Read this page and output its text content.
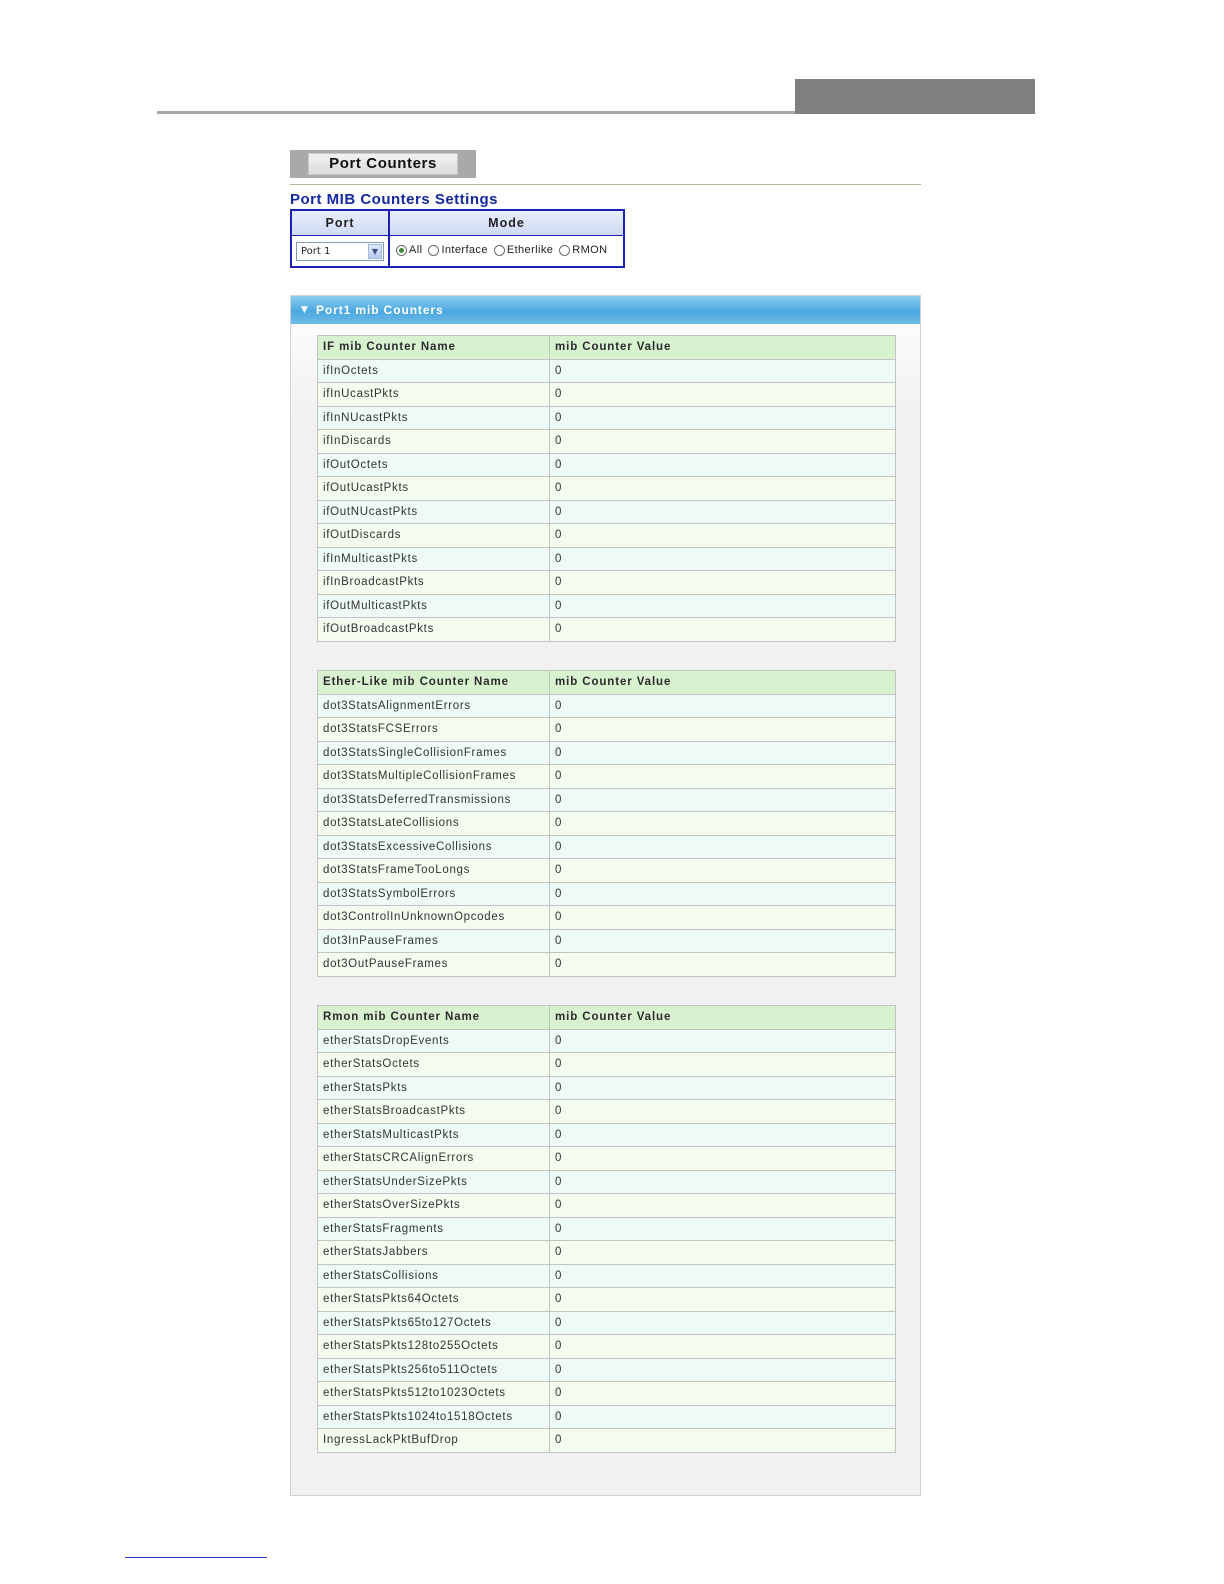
Port Counters
Port MIB Counters Settings
Port	Mode
Port 1	▼	All Interface Etherlike RMON
▼ Port1 mib Counters
IF mib Counter Name	mib Counter Value
ifInOctets	0
ifInUcastPkts	0
ifInNUcastPkts	0
ifInDiscards	0
ifOutOctets	0
ifOutUcastPkts	0
ifOutNUcastPkts	0
ifOutDiscards	0
ifInMulticastPkts	0
ifInBroadcastPkts	0
ifOutMulticastPkts	0
ifOutBroadcastPkts	0
Ether-Like mib Counter Name	mib Counter Value
dot3StatsAlignmentErrors	0
dot3StatsFCSErrors	0
dot3StatsSingleCollisionFrames	0
dot3StatsMultipleCollisionFrames	0
dot3StatsDeferredTransmissions	0
dot3StatsLateCollisions	0
dot3StatsExcessiveCollisions	0
dot3StatsFrameTooLongs	0
dot3StatsSymbolErrors	0
dot3ControlInUnknownOpcodes	0
dot3InPauseFrames	0
dot3OutPauseFrames	0
Rmon mib Counter Name	mib Counter Value
etherStatsDropEvents	0
etherStatsOctets	0
etherStatsPkts	0
etherStatsBroadcastPkts	0
etherStatsMulticastPkts	0
etherStatsCRCAlignErrors	0
etherStatsUnderSizePkts	0
etherStatsOverSizePkts	0
etherStatsFragments	0
etherStatsJabbers	0
etherStatsCollisions	0
etherStatsPkts64Octets	0
etherStatsPkts65to127Octets	0
etherStatsPkts128to255Octets	0
etherStatsPkts256to511Octets	0
etherStatsPkts512to1023Octets	0
etherStatsPkts1024to1518Octets	0
IngressLackPktBufDrop	0
